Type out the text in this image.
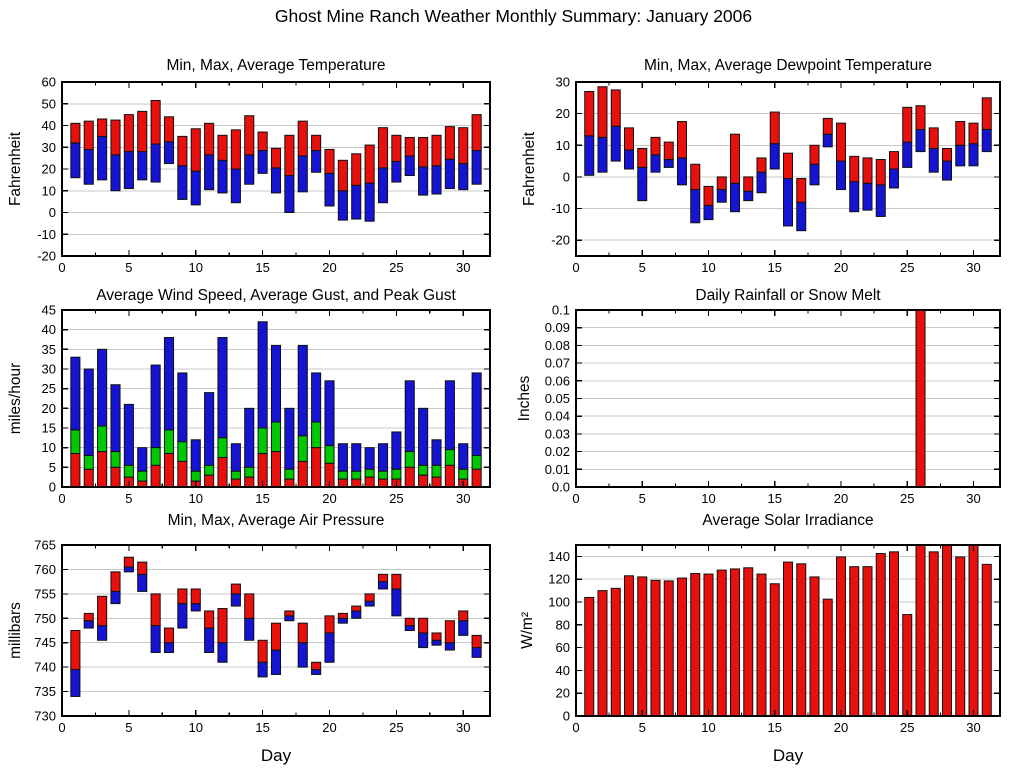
Ghost Mine Ranch Weather Monthly Summary: January 2006
Min, Max, Average Temperature	Min, Max, Average Dewpoint Temperature
Average Wind Speed, Average Gust, and Peak Gust	Daily Rainfall or Snow Melt
Min, Max, Average Air Pressure	Average Solar Irradiance
0	5	10	15	20	25	30
-20
-10
0
10
20
30
40
50
60
Fahrenheit
0	5	10	15	20	25	30
-20
-10
0
10
20
30
Fahrenheit
0	5	10	15	20	25	30
0
5
10
15
20
25
30
35
40
45
miles/hour
0	5	10	15	20	25	30
0.0
0.01
0.02
0.03
0.04
0.05
0.06
0.07
0.08
0.09
0.1
Inches
0	5	10	15	20	25	30
730
735
740
745
750
755
760
765
millibars
Day
0	5	10	15	20	25	30
0
20
40
60
80
100
120
140
W/m²
Day
